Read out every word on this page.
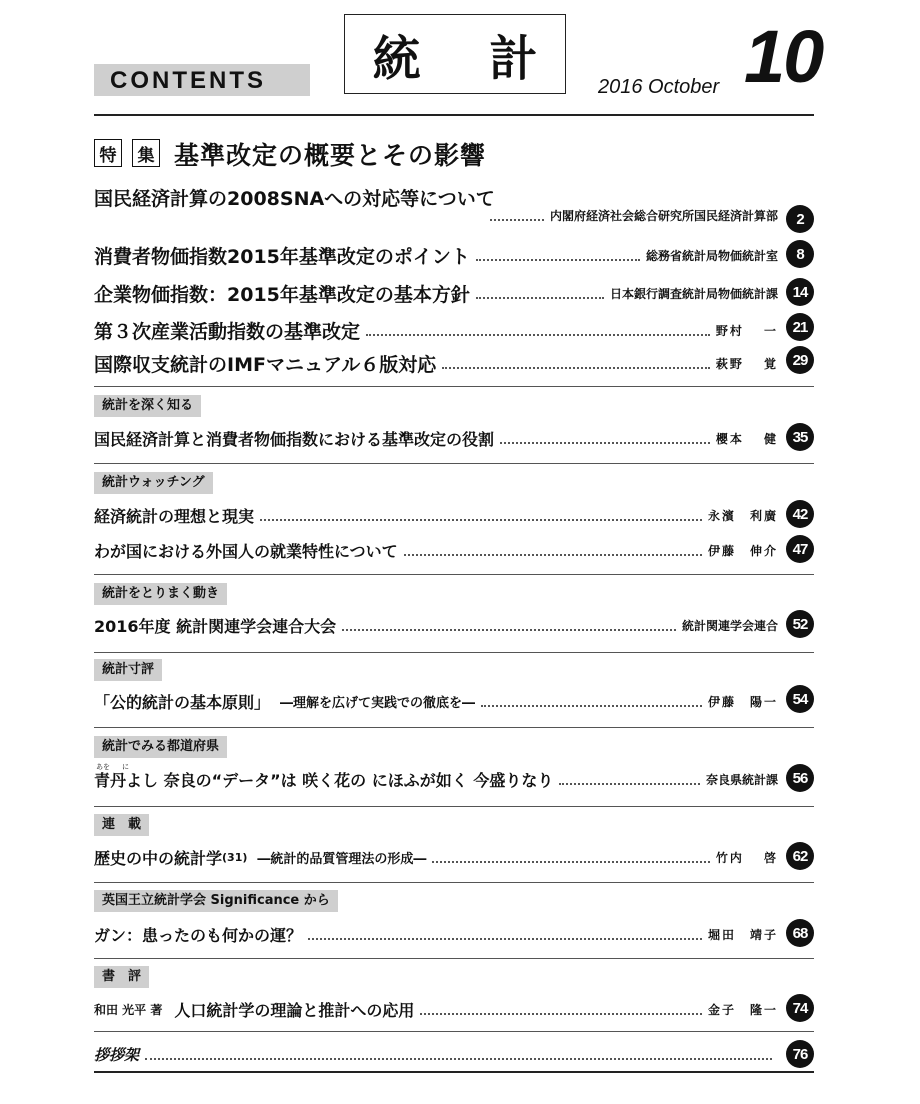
CONTENTS	統 計
2016 October 10
特	集 基準改定の概要とその影響
国民経済計算の2008SNAへの対応等について
内閣府経済社会総合研究所国民経済計算部	2
消費者物価指数2015年基準改定のポイント	総務省統計局物価統計室	8
企業物価指数：2015年基準改定の基本方針	日本銀行調査統計局物価統計課 14
第３次産業活動指数の基準改定	野村　 一 21
国際収支統計のIMFマニュアル６版対応	萩野　 覚 29
統計を深く知る
国民経済計算と消費者物価指数における基準改定の役割	櫻本　 健 35
統計ウォッチング
経済統計の理想と現実	永濱　利廣 42
わが国における外国人の就業特性について	伊藤　伸介 47
統計をとりまく動き
2016年度 統計関連学会連合大会	統計関連学会連合 52
統計寸評
「公的統計の基本原則」 ―理解を広げて実践での徹底を―	伊藤　陽一 54
統計でみる都道府県
あを に
青丹よし 奈良の“データ”は 咲く花の にほふが如く 今盛りなり	奈良県統計課 56
連　載
歴史の中の統計学 (31) ―統計的品質管理法の形成―	竹内　 啓 62
英国王立統計学会 Significance から
ガン：患ったのも何かの運？	堀田　靖子 68
書　評
和田 光平 著 人口統計学の理論と推計への応用	金子　隆一 74
拶拶架	76
